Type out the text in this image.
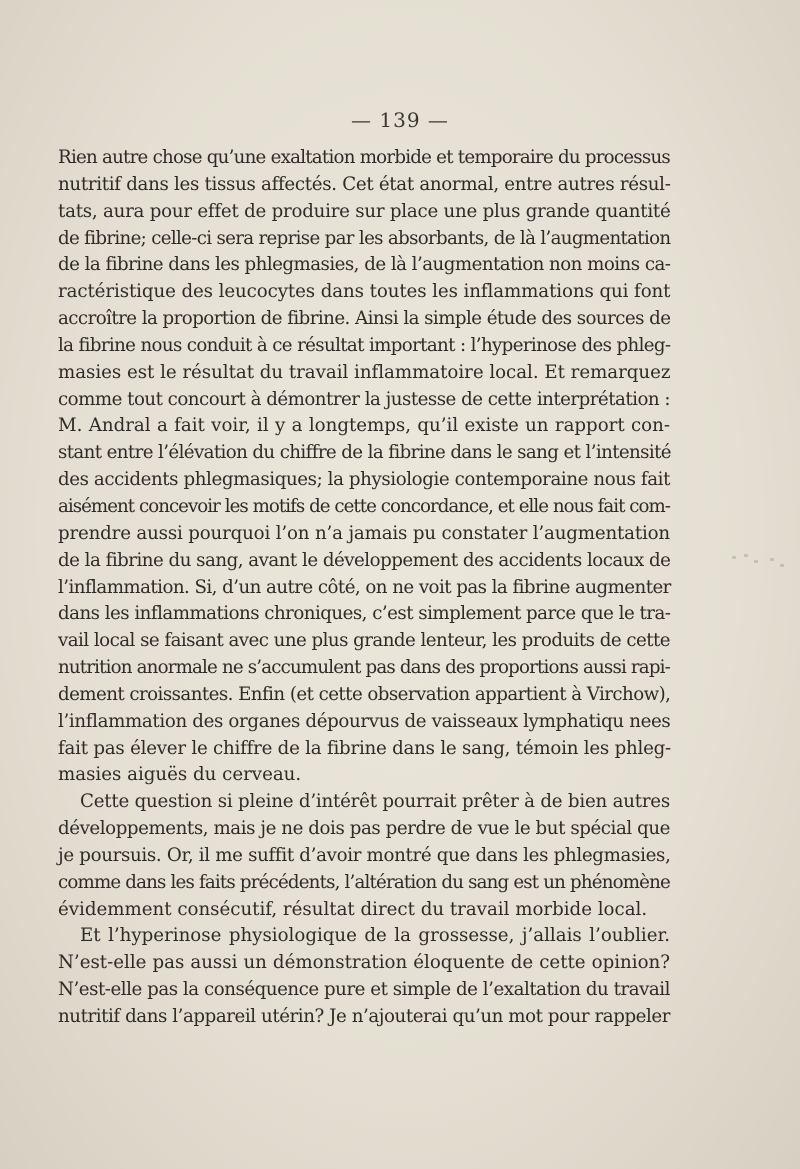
— 139 —
Rien autre chose qu’une exaltation morbide et temporaire du processus
nutritif dans les tissus affectés. Cet état anormal, entre autres résul-
tats, aura pour effet de produire sur place une plus grande quantité
de fibrine; celle-ci sera reprise par les absorbants, de là l’augmentation
de la fibrine dans les phlegmasies, de là l’augmentation non moins ca-
ractéristique des leucocytes dans toutes les inflammations qui font
accroître la proportion de fibrine. Ainsi la simple étude des sources de
la fibrine nous conduit à ce résultat important : l’hyperinose des phleg-
masies est le résultat du travail inflammatoire local. Et remarquez
comme tout concourt à démontrer la justesse de cette interprétation :
M. Andral a fait voir, il y a longtemps, qu’il existe un rapport con-
stant entre l’élévation du chiffre de la fibrine dans le sang et l’intensité
des accidents phlegmasiques; la physiologie contemporaine nous fait
aisément concevoir les motifs de cette concordance, et elle nous fait com-
prendre aussi pourquoi l’on n’a jamais pu constater l’augmentation
de la fibrine du sang, avant le développement des accidents locaux de
l’inflammation. Si, d’un autre côté, on ne voit pas la fibrine augmenter
dans les inflammations chroniques, c’est simplement parce que le tra-
vail local se faisant avec une plus grande lenteur, les produits de cette
nutrition anormale ne s’accumulent pas dans des proportions aussi rapi-
dement croissantes. Enfin (et cette observation appartient à Virchow),
l’inflammation des organes dépourvus de vaisseaux lymphatiqu nees
fait pas élever le chiffre de la fibrine dans le sang, témoin les phleg-
masies aiguës du cerveau.
Cette question si pleine d’intérêt pourrait prêter à de bien autres
développements, mais je ne dois pas perdre de vue le but spécial que
je poursuis. Or, il me suffit d’avoir montré que dans les phlegmasies,
comme dans les faits précédents, l’altération du sang est un phénomène
évidemment consécutif, résultat direct du travail morbide local.
Et l’hyperinose physiologique de la grossesse, j’allais l’oublier.
N’est-elle pas aussi un démonstration éloquente de cette opinion?
N’est-elle pas la conséquence pure et simple de l’exaltation du travail
nutritif dans l’appareil utérin? Je n’ajouterai qu’un mot pour rappeler
